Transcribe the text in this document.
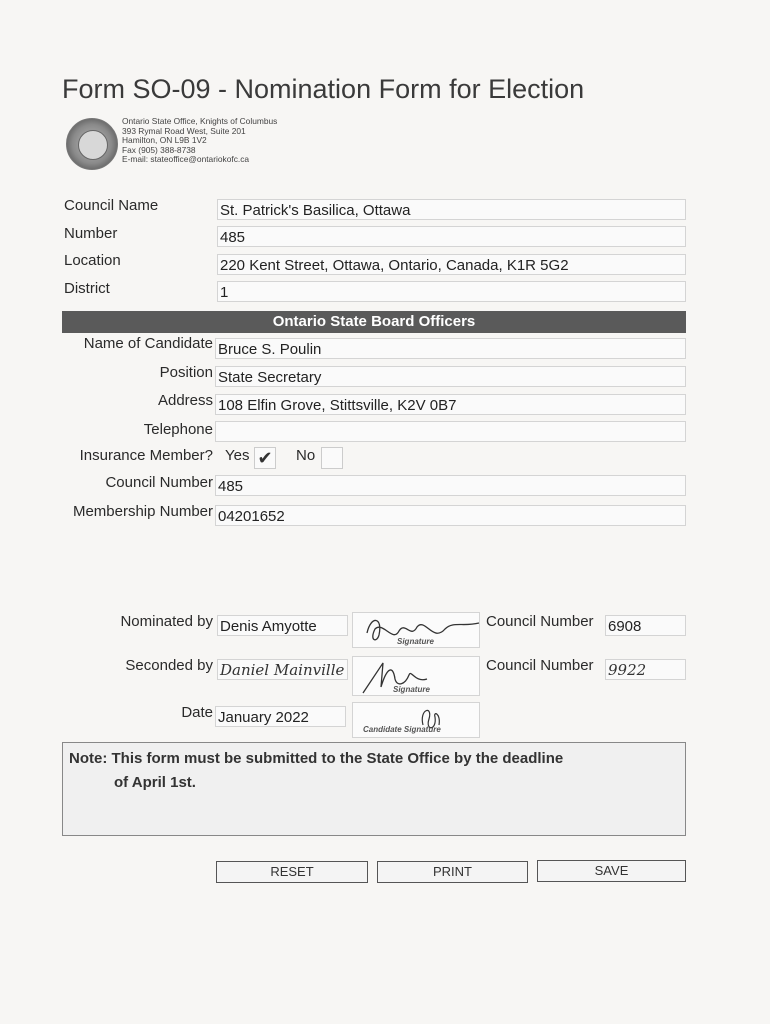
Form SO-09 - Nomination Form for Election
Ontario State Office, Knights of Columbus
393 Rymal Road West, Suite 201
Hamilton, ON L9B 1V2
Fax (905) 388-8738
E-mail: stateoffice@ontariokofc.ca
Council Name	St. Patrick's Basilica, Ottawa
Number	485
Location	220 Kent Street, Ottawa, Ontario, Canada, K1R 5G2
District	1
Ontario State Board Officers
Name of Candidate Bruce S. Poulin
Position State Secretary
Address 108 Elfin Grove, Stittsville, K2V 0B7
Telephone
Insurance Member? Yes ✔ No
Council Number 485
Membership Number 04201652
Nominated by Denis Amyotte
Signature
Council Number 6908
Seconded by Daniel Mainville
Signature
Council Number 9922
Date January 2022
Candidate Signature
Note: This form must be submitted to the State Office by the deadline
of April 1st.
RESET	PRINT	SAVE
